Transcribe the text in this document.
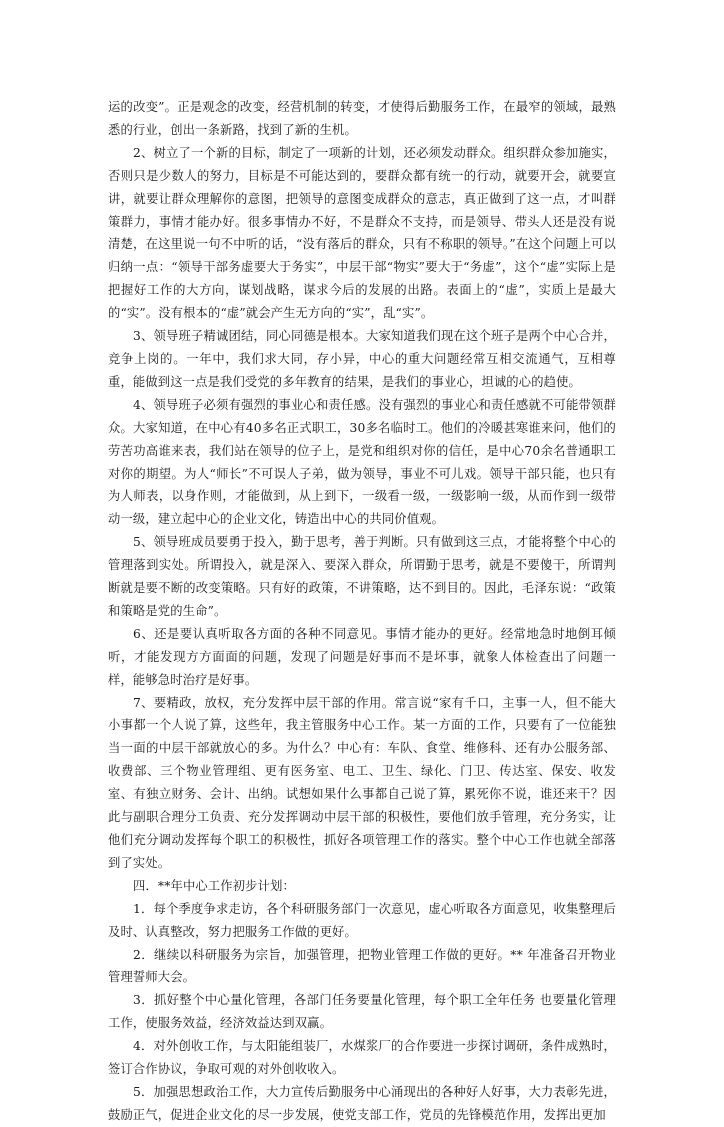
运的改变”。正是观念的改变，经营机制的转变，才使得后勤服务工作，在最窄的领域，最熟悉的行业，创出一条新路，找到了新的生机。

2、树立了一个新的目标，制定了一项新的计划，还必须发动群众。组织群众参加施实，否则只是少数人的努力，目标是不可能达到的，要群众都有统一的行动，就要开会，就要宣讲，就要让群众理解你的意图，把领导的意图变成群众的意志，真正做到了这一点，才叫群策群力，事情才能办好。很多事情办不好，不是群众不支持，而是领导、带头人还是没有说清楚，在这里说一句不中听的话，“没有落后的群众，只有不称职的领导。”在这个问题上可以归纳一点：“领导干部务虚要大于务实”，中层干部“物实”要大于“务虚”，这个“虚”实际上是把握好工作的大方向，谋划战略，谋求今后的发展的出路。表面上的“虚”，实质上是最大的“实”。没有根本的“虚”就会产生无方向的“实”，乱“实”。

3、领导班子精诚团结，同心同德是根本。大家知道我们现在这个班子是两个中心合并，竞争上岗的。一年中，我们求大同，存小异，中心的重大问题经常互相交流通气，互相尊重，能做到这一点是我们受党的多年教育的结果，是我们的事业心，坦诚的心的趋使。

4、领导班子必须有强烈的事业心和责任感。没有强烈的事业心和责任感就不可能带领群众。大家知道，在中心有40多名正式职工，30多名临时工。他们的冷暖甚寒谁来问，他们的劳苦功高谁来表，我们站在领导的位子上，是党和组织对你的信任，是中心70余名普通职工对你的期望。为人“师长”不可误人子弟，做为领导，事业不可儿戏。领导干部只能，也只有为人师表，以身作则，才能做到，从上到下，一级看一级，一级影响一级，从而作到一级带动一级，建立起中心的企业文化，铸造出中心的共同价值观。

5、领导班成员要勇于投入，勤于思考，善于判断。只有做到这三点，才能将整个中心的管理落到实处。所谓投入，就是深入、要深入群众，所谓勤于思考，就是不要傻干，所谓判断就是要不断的改变策略。只有好的政策，不讲策略，达不到目的。因此，毛泽东说：“政策和策略是党的生命”。

6、还是要认真听取各方面的各种不同意见。事情才能办的更好。经常地急时地倒耳倾听，才能发现方方面面的问题，发现了问题是好事而不是坏事，就象人体检查出了问题一样，能够急时治疗是好事。

7、要精政，放权，充分发挥中层干部的作用。常言说“家有千口，主事一人，但不能大小事都一个人说了算，这些年，我主管服务中心工作。某一方面的工作，只要有了一位能独当一面的中层干部就放心的多。为什么？中心有：车队、食堂、维修科、还有办公服务部、收费部、三个物业管理组、更有医务室、电工、卫生、绿化、门卫、传达室、保安、收发室、有独立财务、会计、出纳。试想如果什么事都自己说了算，累死你不说，谁还来干？因此与副职合理分工负责、充分发挥调动中层干部的积极性，要他们放手管理，充分务实，让他们充分调动发挥每个职工的积极性，抓好各项管理工作的落实。整个中心工作也就全部落到了实处。

四．**年中心工作初步计划：

1．每个季度争求走访，各个科研服务部门一次意见，虚心听取各方面意见，收集整理后及时、认真整改，努力把服务工作做的更好。

2．继续以科研服务为宗旨，加强管理，把物业管理工作做的更好。** 年准备召开物业管理誓师大会。

3．抓好整个中心量化管理，各部门任务要量化管理，每个职工全年任务 也要量化管理工作，使服务效益，经济效益达到双赢。

4．对外创收工作，与太阳能组装厂，水煤浆厂的合作要进一步探讨调研，条件成熟时，签订合作协议，争取可观的对外创收收入。

5．加强思想政治工作，大力宣传后勤服务中心涌现出的各种好人好事，大力表彰先进，鼓励正气，促进企业文化的尽一步发展，使党支部工作，党员的先锋模范作用，发挥出更加
